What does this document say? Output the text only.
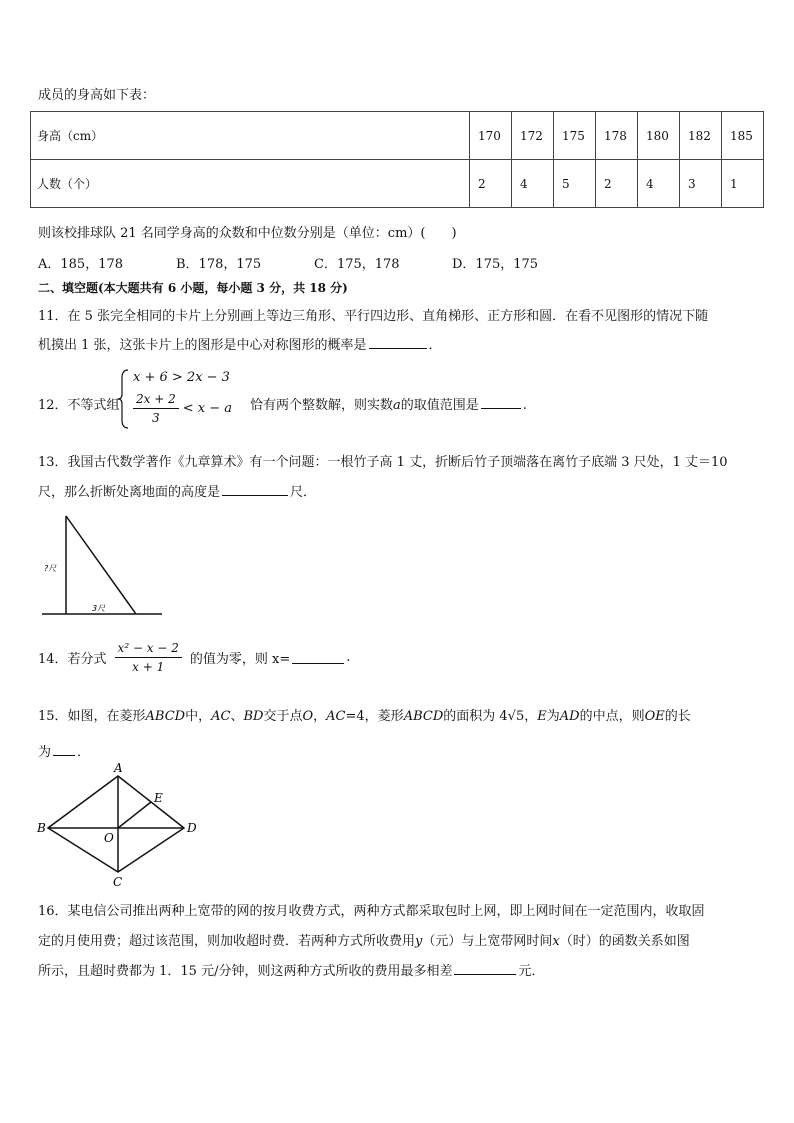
成员的身高如下表：
身高（cm）	170	172	175	178	180	182	185
人数（个）	2	4	5	2	4	3	1
则该校排球队 21 名同学身高的众数和中位数分别是（单位：cm）(　　)
A．185，178	B．178，175	C．175，178	D．175，175
二、填空题(本大题共有 6 小题，每小题 3 分，共 18 分)
11．在 5 张完全相同的卡片上分别画上等边三角形、平行四边形、直角梯形、正方形和圆．在看不见图形的情况下随
机摸出 1 张，这张卡片上的图形是中心对称图形的概率是	．
12．不等式组
x + 6 > 2x − 3
$\frac{2x + 2}{3} < x - a$ 恰有两个整数解，则实数a的取值范围是	.
13．我国古代数学著作《九章算术》有一个问题：一根竹子高 1 丈，折断后竹子顶端落在离竹子底端 3 尺处，1 丈＝10
尺，那么折断处离地面的高度是	尺．
?尺
3尺
14．若分式 $\frac{\text{x² − x − 2}}{x + 1}$ 的值为零，则 x=	.
15．如图，在菱形ABCD中，AC、BD交于点O，AC=4，菱形ABCD的面积为 4√5，E为AD的中点，则OE的长
为 ．
A
B
C
D
E
O
16．某电信公司推出两种上宽带的网的按月收费方式，两种方式都采取包时上网，即上网时间在一定范围内，收取固
定的月使用费；超过该范围，则加收超时费．若两种方式所收费用y（元）与上宽带网时间x（时）的函数关系如图
所示，且超时费都为 1．15 元/分钟，则这两种方式所收的费用最多相差	元．
